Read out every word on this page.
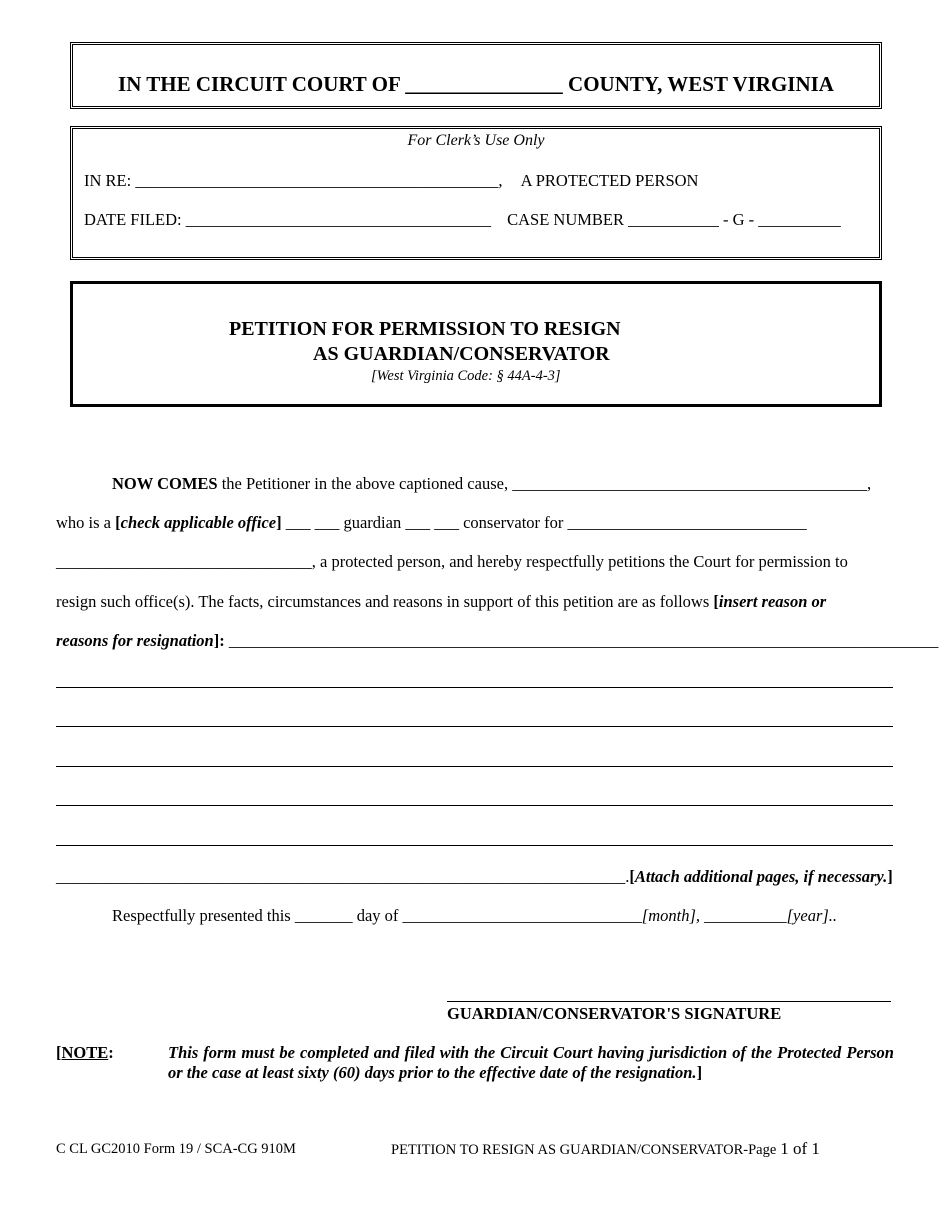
IN THE CIRCUIT COURT OF _______________ COUNTY, WEST VIRGINIA
For Clerk’s Use Only
IN RE: ____________________________________________, A PROTECTED PERSON
DATE FILED: _____________________________________ CASE NUMBER ___________ - G - __________
PETITION FOR PERMISSION TO RESIGN
AS GUARDIAN/CONSERVATOR
[West Virginia Code: § 44A-4-3]
NOW COMES the Petitioner in the above captioned cause, ___________________________________________,
who is a [check applicable office] ___ ___ guardian ___ ___ conservator for _____________________________
_______________________________, a protected person, and hereby respectfully petitions the Court for permission to
resign such office(s). The facts, circumstances and reasons in support of this petition are as follows [insert reason or
reasons for resignation]: ______________________________________________________________________________________
_____________________________________________________________________.[Attach additional pages, if necessary.]
Respectfully presented this _______ day of _____________________________[month], __________[year]..
GUARDIAN/CONSERVATOR'S SIGNATURE
[NOTE:	This form must be completed and filed with the Circuit Court having jurisdiction of the Protected Person or the case at least sixty (60) days prior to the effective date of the resignation.]
C CL GC2010 Form 19 / SCA-CG 910M	PETITION TO RESIGN AS GUARDIAN/CONSERVATOR-Page 1 of 1
